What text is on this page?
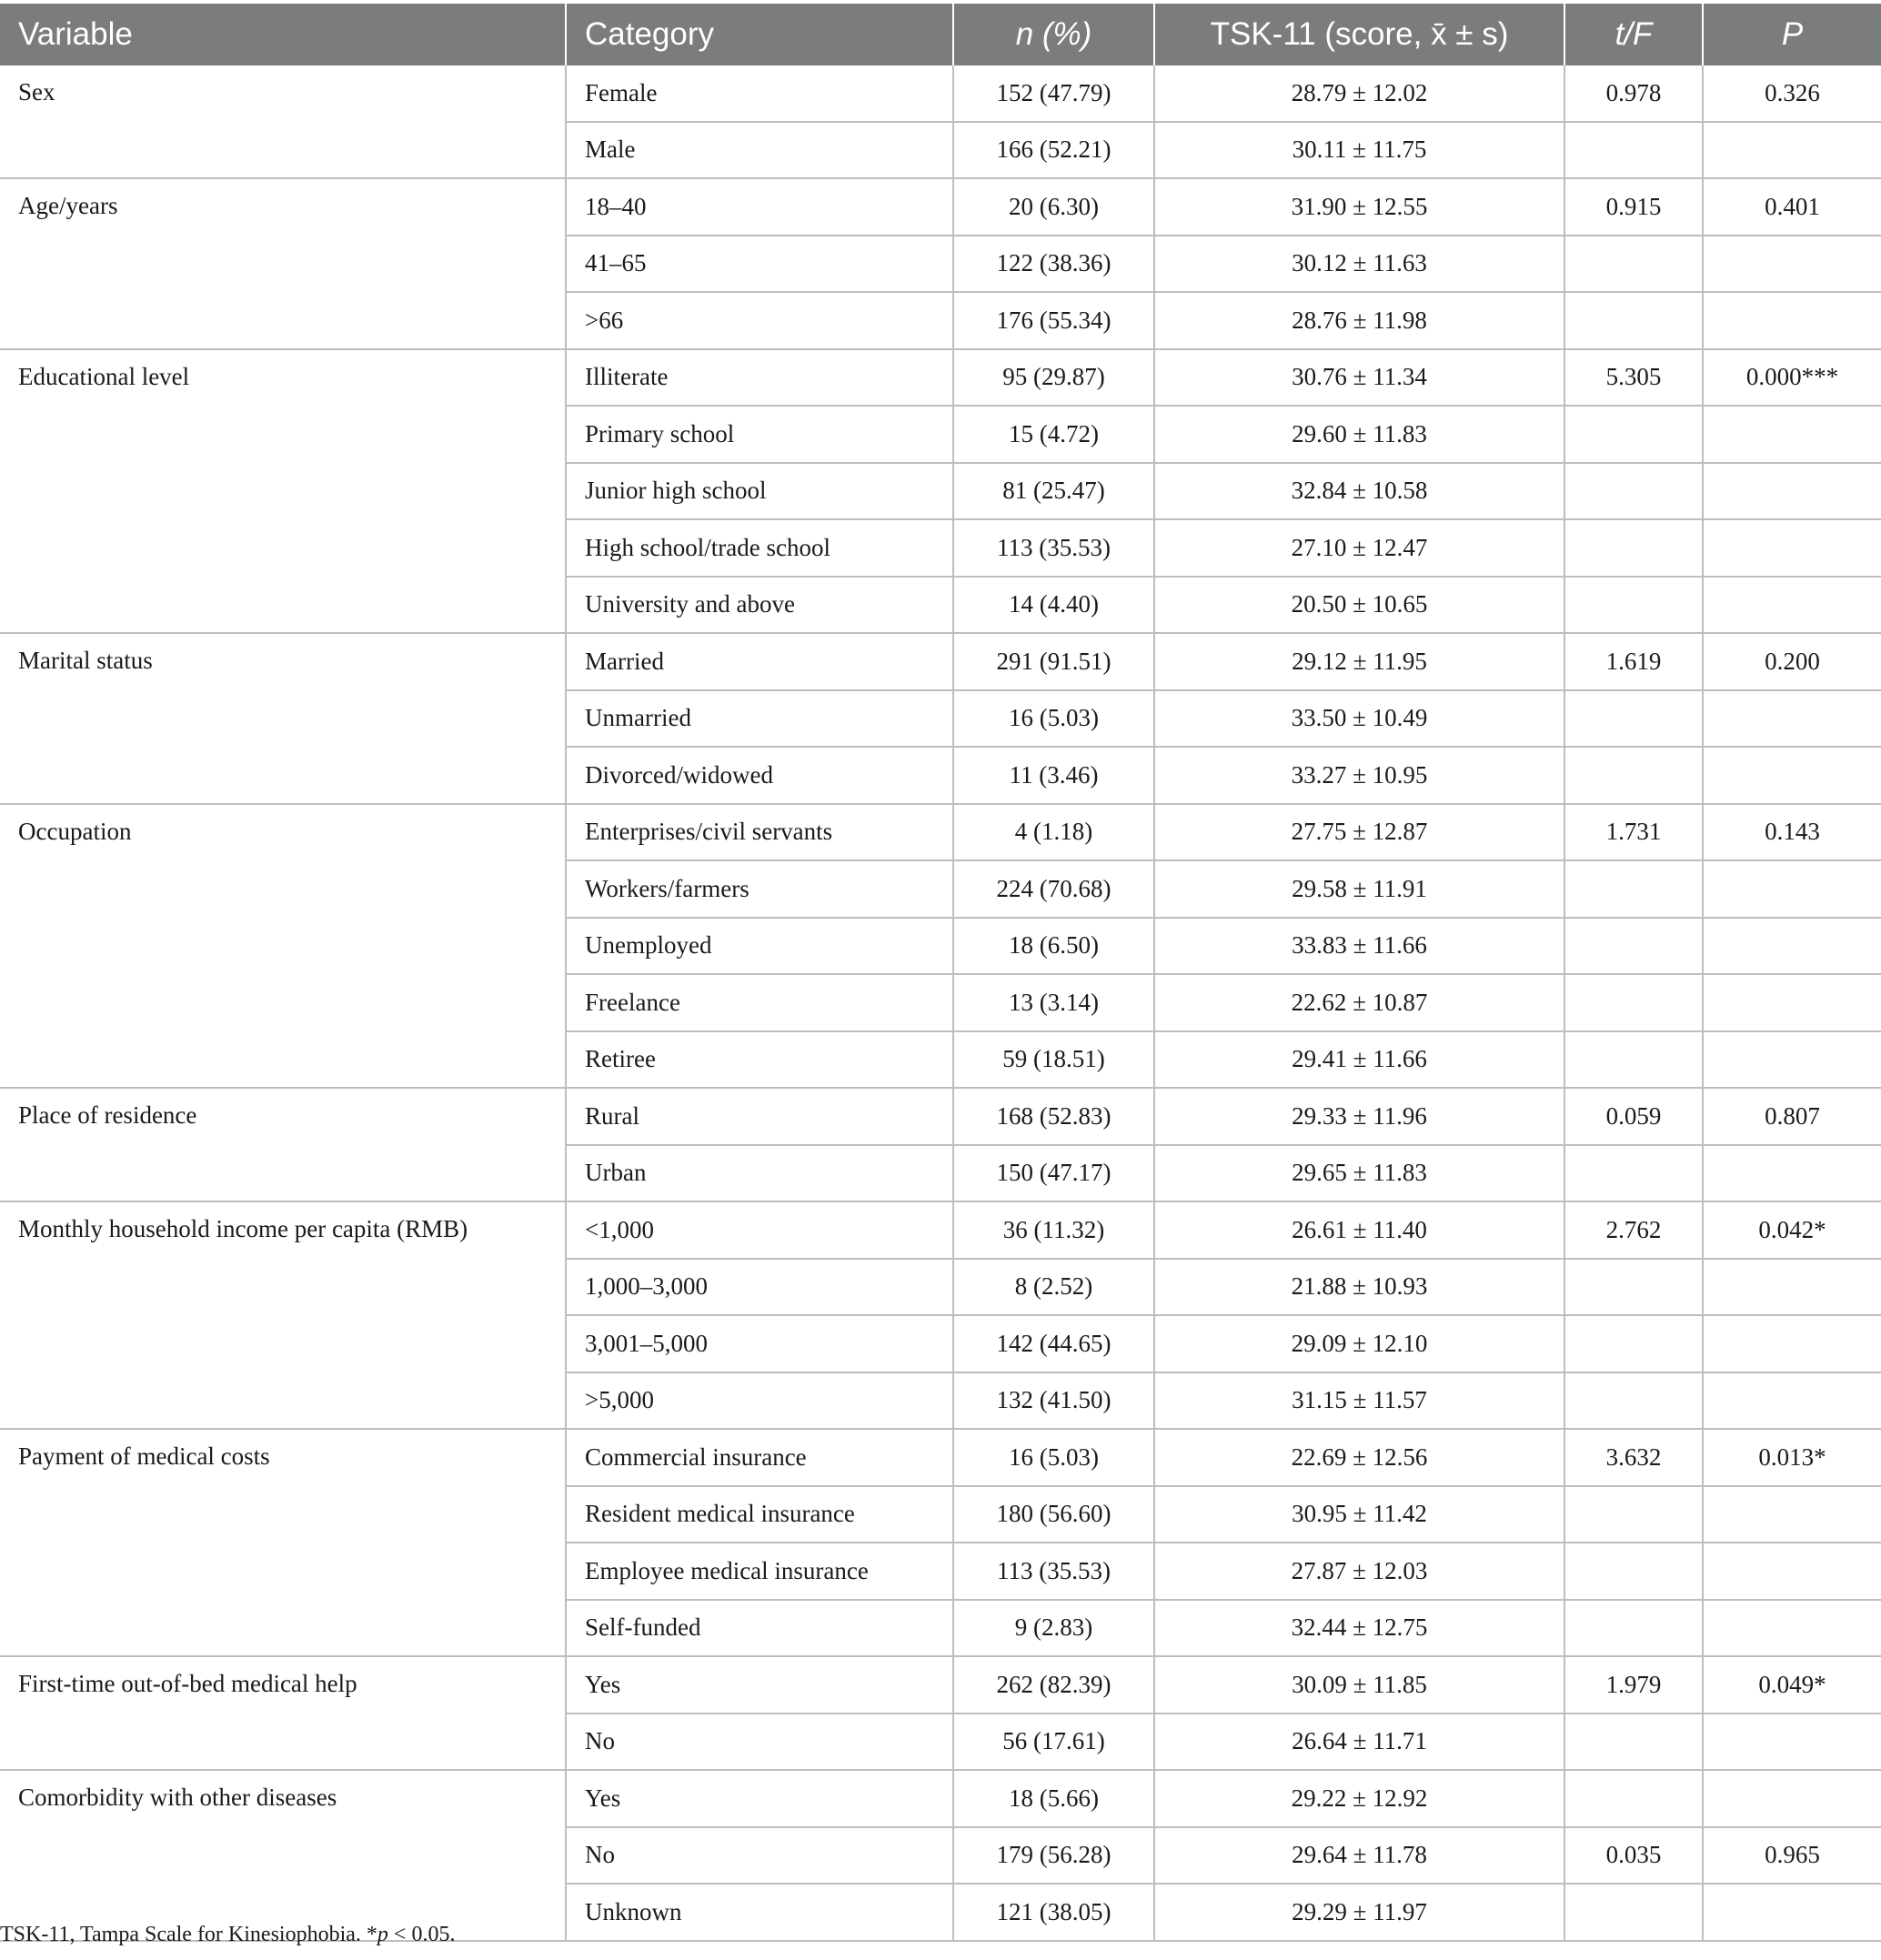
Variable	Category	n (%)	TSK-11 (score, x̄ ± s)	t/F	P
Sex	Female	152 (47.79)	28.79 ± 12.02	0.978	0.326
	Male	166 (52.21)	30.11 ± 11.75		
Age/years	18–40	20 (6.30)	31.90 ± 12.55	0.915	0.401
	41–65	122 (38.36)	30.12 ± 11.63		
	>66	176 (55.34)	28.76 ± 11.98		
Educational level	Illiterate	95 (29.87)	30.76 ± 11.34	5.305	0.000***
	Primary school	15 (4.72)	29.60 ± 11.83		
	Junior high school	81 (25.47)	32.84 ± 10.58		
	High school/trade school	113 (35.53)	27.10 ± 12.47		
	University and above	14 (4.40)	20.50 ± 10.65		
Marital status	Married	291 (91.51)	29.12 ± 11.95	1.619	0.200
	Unmarried	16 (5.03)	33.50 ± 10.49		
	Divorced/widowed	11 (3.46)	33.27 ± 10.95		
Occupation	Enterprises/civil servants	4 (1.18)	27.75 ± 12.87	1.731	0.143
	Workers/farmers	224 (70.68)	29.58 ± 11.91		
	Unemployed	18 (6.50)	33.83 ± 11.66		
	Freelance	13 (3.14)	22.62 ± 10.87		
	Retiree	59 (18.51)	29.41 ± 11.66		
Place of residence	Rural	168 (52.83)	29.33 ± 11.96	0.059	0.807
	Urban	150 (47.17)	29.65 ± 11.83		
Monthly household income per capita (RMB)	<1,000	36 (11.32)	26.61 ± 11.40	2.762	0.042*
	1,000–3,000	8 (2.52)	21.88 ± 10.93		
	3,001–5,000	142 (44.65)	29.09 ± 12.10		
	>5,000	132 (41.50)	31.15 ± 11.57		
Payment of medical costs	Commercial insurance	16 (5.03)	22.69 ± 12.56	3.632	0.013*
	Resident medical insurance	180 (56.60)	30.95 ± 11.42		
	Employee medical insurance	113 (35.53)	27.87 ± 12.03		
	Self-funded	9 (2.83)	32.44 ± 12.75		
First-time out-of-bed medical help	Yes	262 (82.39)	30.09 ± 11.85	1.979	0.049*
	No	56 (17.61)	26.64 ± 11.71		
Comorbidity with other diseases	Yes	18 (5.66)	29.22 ± 12.92		
	No	179 (56.28)	29.64 ± 11.78	0.035	0.965
	Unknown	121 (38.05)	29.29 ± 11.97		
TSK-11, Tampa Scale for Kinesiophobia. *p < 0.05.
